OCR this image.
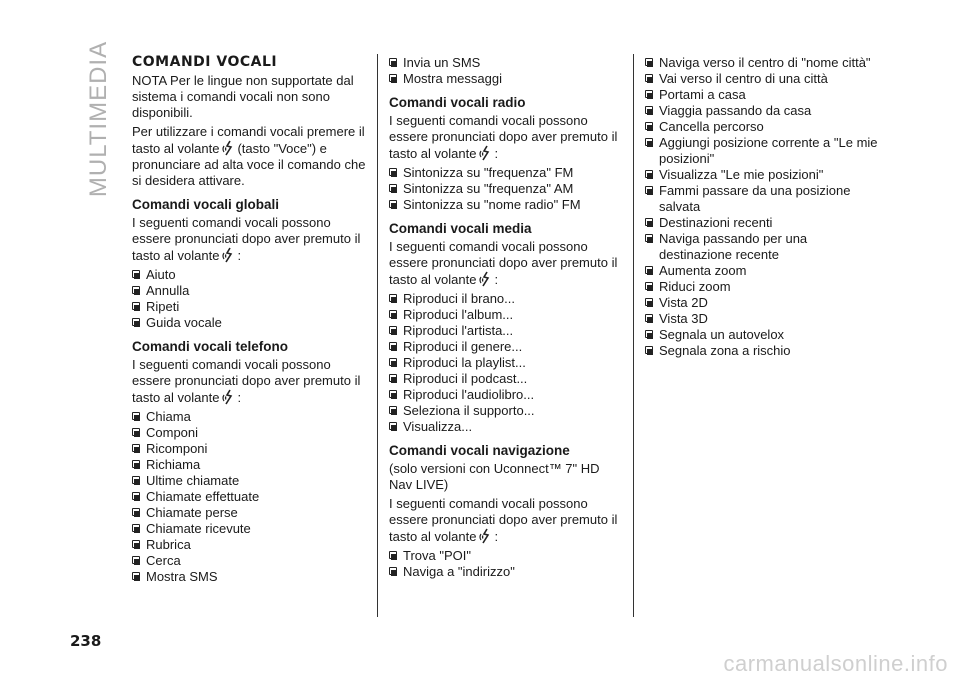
MULTIMEDIA COMANDI VOCALI

NOTA Per le lingue non supportate dal sistema i comandi vocali non sono disponibili.

Per utilizzare i comandi vocali premere il tasto al volante (tasto "Voce") e pronunciare ad alta voce il comando che si desidera attivare.

Comandi vocali globali

I seguenti comandi vocali possono essere pronunciati dopo aver premuto il tasto al volante :

Aiuto
Annulla
Ripeti
Guida vocale
Comandi vocali telefono

I seguenti comandi vocali possono essere pronunciati dopo aver premuto il tasto al volante :

Chiama
Componi
Ricomponi
Richiama
Ultime chiamate
Chiamate effettuate
Chiamate perse
Chiamate ricevute
Rubrica
Cerca
Mostra SMS
Invia un SMS
Mostra messaggi
Comandi vocali radio

I seguenti comandi vocali possono essere pronunciati dopo aver premuto il tasto al volante :

Sintonizza su "frequenza" FM
Sintonizza su "frequenza" AM
Sintonizza su "nome radio" FM
Comandi vocali media

I seguenti comandi vocali possono essere pronunciati dopo aver premuto il tasto al volante :

Riproduci il brano...
Riproduci l'album...
Riproduci l'artista...
Riproduci il genere...
Riproduci la playlist...
Riproduci il podcast...
Riproduci l'audiolibro...
Seleziona il supporto...
Visualizza...
Comandi vocali navigazione

(solo versioni con Uconnect™ 7" HD Nav LIVE)

I seguenti comandi vocali possono essere pronunciati dopo aver premuto il tasto al volante :

Trova "POI"
Naviga a "indirizzo"
Naviga verso il centro di "nome città"
Vai verso il centro di una città
Portami a casa
Viaggia passando da casa
Cancella percorso
Aggiungi posizione corrente a "Le mie posizioni"
Visualizza "Le mie posizioni"
Fammi passare da una posizione salvata
Destinazioni recenti
Naviga passando per una destinazione recente
Aumenta zoom
Riduci zoom
Vista 2D
Vista 3D
Segnala un autovelox
Segnala zona a rischio
238
carmanualsonline.info
